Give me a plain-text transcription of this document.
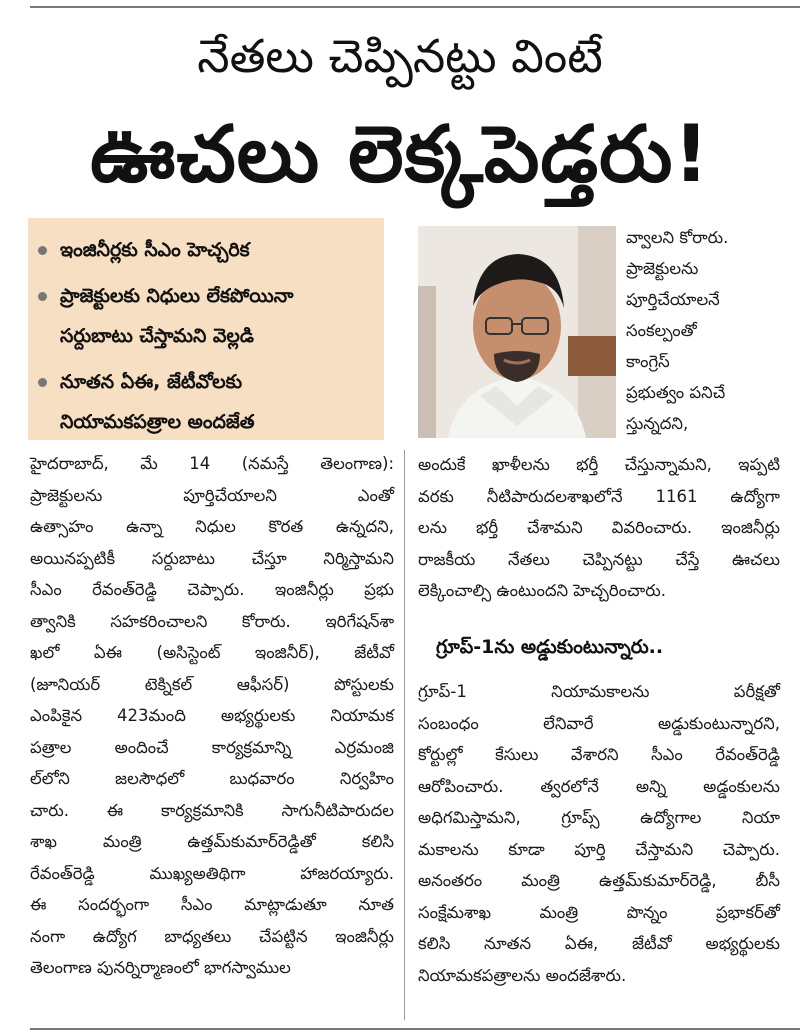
నేతలు చెప్పినట్టు వింటే
ఊచలు లెక్కపెడ్తరు!
ఇంజినీర్లకు సీఎం హెచ్చరిక
ప్రాజెక్టులకు నిధులు లేకపోయినా
సర్దుబాటు చేస్తామని వెల్లడి
నూతన ఏఈ, జేటీవోలకు
నియామకపత్రాల అందజేత

వ్వాలని కోరారు.

ప్రాజెక్టులను

పూర్తిచేయాలనే

సంకల్పంతో

కాంగ్రెస్

ప్రభుత్వం పనిచే

స్తున్నదని,

హైదరాబాద్, మే 14 (నమస్తే తెలంగాణ):

ప్రాజెక్టులను పూర్తిచేయాలని ఎంతో

ఉత్సాహం ఉన్నా నిధుల కొరత ఉన్నదని,

అయినప్పటికీ సర్దుబాటు చేస్తూ నిర్మిస్తామని

సీఎం రేవంత్‌రెడ్డి చెప్పారు. ఇంజినీర్లు ప్రభు

త్వానికి సహకరించాలని కోరారు. ఇరిగేషన్‌శా

ఖలో ఏఈ (అసిస్టెంట్ ఇంజినీర్), జేటీవో

(జూనియర్ టెక్నికల్ ఆఫీసర్) పోస్టులకు

ఎంపికైన 423మంది అభ్యర్థులకు నియామక

పత్రాల అందించే కార్యక్రమాన్ని ఎర్రమంజి

ల్‌లోని జలసౌధలో బుధవారం నిర్వహిం

చారు. ఈ కార్యక్రమానికి సాగునీటిపారుదల

శాఖ మంత్రి ఉత్తమ్‌కుమార్‌రెడ్డితో కలిసి

రేవంత్‌రెడ్డి ముఖ్యఅతిథిగా హాజరయ్యారు.

ఈ సందర్భంగా సీఎం మాట్లాడుతూ నూత

నంగా ఉద్యోగ బాధ్యతలు చేపట్టిన ఇంజినీర్లు

తెలంగాణ పునర్నిర్మాణంలో భాగస్వాముల

అందుకే ఖాళీలను భర్తీ చేస్తున్నామని, ఇప్పటి

వరకు నీటిపారుదలశాఖలోనే 1161 ఉద్యోగా

లను భర్తీ చేశామని వివరించారు. ఇంజినీర్లు

రాజకీయ నేతలు చెప్పినట్టు చేస్తే ఊచలు

లెక్కించాల్సి ఉంటుందని హెచ్చరించారు.

గ్రూప్-1ను అడ్డుకుంటున్నారు..

గ్రూప్-1 నియామకాలను పరీక్షతో

సంబంధం లేనివారే అడ్డుకుంటున్నారని,

కోర్టుల్లో కేసులు వేశారని సీఎం రేవంత్‌రెడ్డి

ఆరోపించారు. త్వరలోనే అన్ని అడ్డంకులను

అధిగమిస్తామని, గ్రూప్స్ ఉద్యోగాల నియా

మకాలను కూడా పూర్తి చేస్తామని చెప్పారు.

అనంతరం మంత్రి ఉత్తమ్‌కుమార్‌రెడ్డి, బీసీ

సంక్షేమశాఖ మంత్రి పొన్నం ప్రభాకర్‌తో

కలిసి నూతన ఏఈ, జేటీవో అభ్యర్థులకు

నియామకపత్రాలను అందజేశారు.
